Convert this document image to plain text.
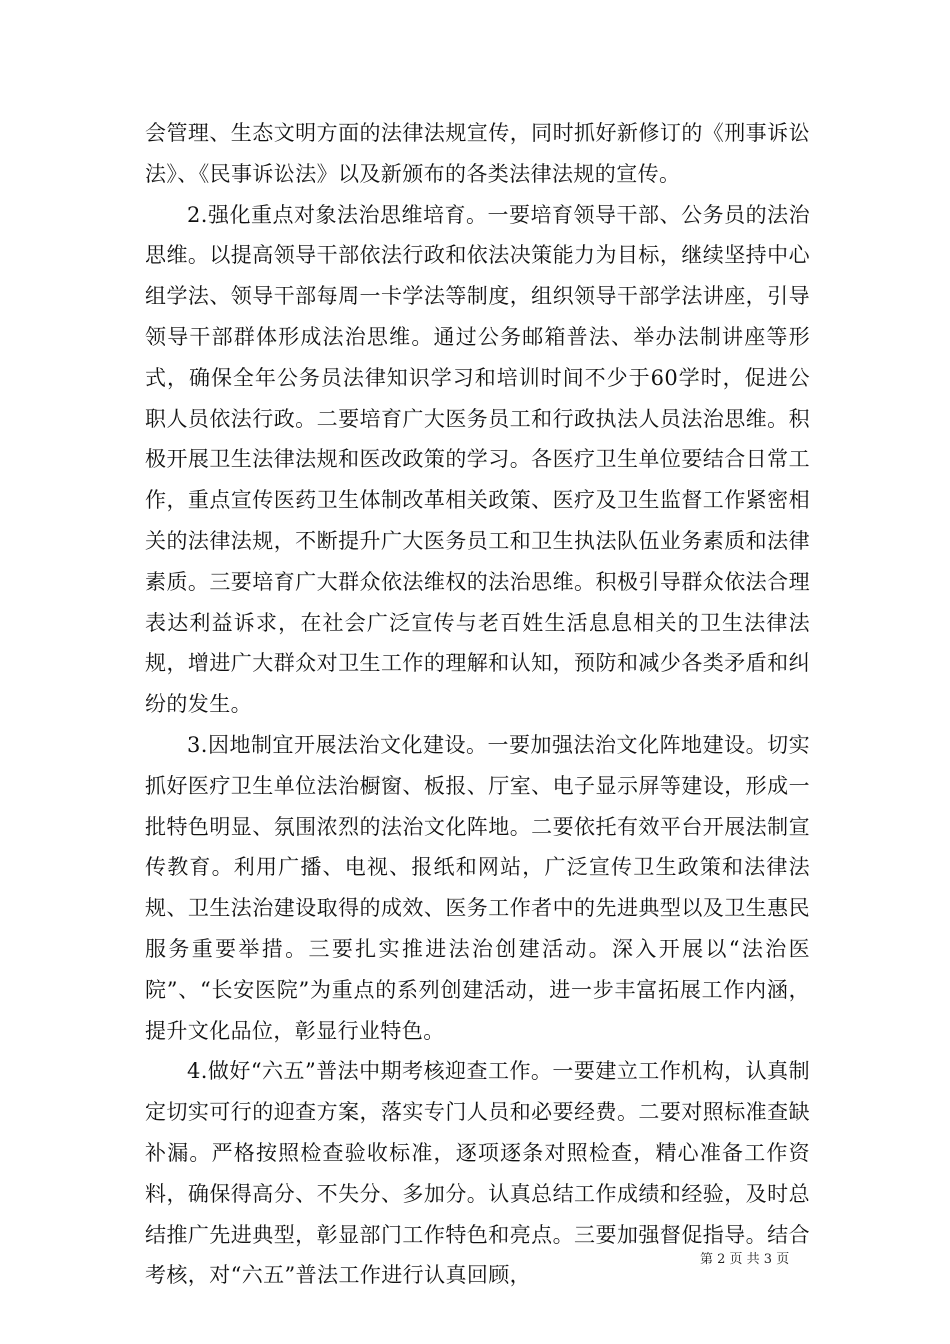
会管理、生态文明方面的法律法规宣传，同时抓好新修订的《刑事诉讼法》、《民事诉讼法》以及新颁布的各类法律法规的宣传。

2.强化重点对象法治思维培育。一要培育领导干部、公务员的法治思维。以提高领导干部依法行政和依法决策能力为目标，继续坚持中心组学法、领导干部每周一卡学法等制度，组织领导干部学法讲座，引导领导干部群体形成法治思维。通过公务邮箱普法、举办法制讲座等形式，确保全年公务员法律知识学习和培训时间不少于60学时，促进公职人员依法行政。二要培育广大医务员工和行政执法人员法治思维。积极开展卫生法律法规和医改政策的学习。各医疗卫生单位要结合日常工作，重点宣传医药卫生体制改革相关政策、医疗及卫生监督工作紧密相关的法律法规，不断提升广大医务员工和卫生执法队伍业务素质和法律素质。三要培育广大群众依法维权的法治思维。积极引导群众依法合理表达利益诉求，在社会广泛宣传与老百姓生活息息相关的卫生法律法规，增进广大群众对卫生工作的理解和认知，预防和减少各类矛盾和纠纷的发生。

3.因地制宜开展法治文化建设。一要加强法治文化阵地建设。切实抓好医疗卫生单位法治橱窗、板报、厅室、电子显示屏等建设，形成一批特色明显、氛围浓烈的法治文化阵地。二要依托有效平台开展法制宣传教育。利用广播、电视、报纸和网站，广泛宣传卫生政策和法律法规、卫生法治建设取得的成效、医务工作者中的先进典型以及卫生惠民服务重要举措。三要扎实推进法治创建活动。深入开展以“法治医院”、“长安医院”为重点的系列创建活动，进一步丰富拓展工作内涵，提升文化品位，彰显行业特色。

4.做好“六五”普法中期考核迎查工作。一要建立工作机构，认真制定切实可行的迎查方案，落实专门人员和必要经费。二要对照标准查缺补漏。严格按照检查验收标准，逐项逐条对照检查，精心准备工作资料，确保得高分、不失分、多加分。认真总结工作成绩和经验，及时总结推广先进典型，彰显部门工作特色和亮点。三要加强督促指导。结合考核，对“六五”普法工作进行认真回顾，

第 2 页 共 3 页
